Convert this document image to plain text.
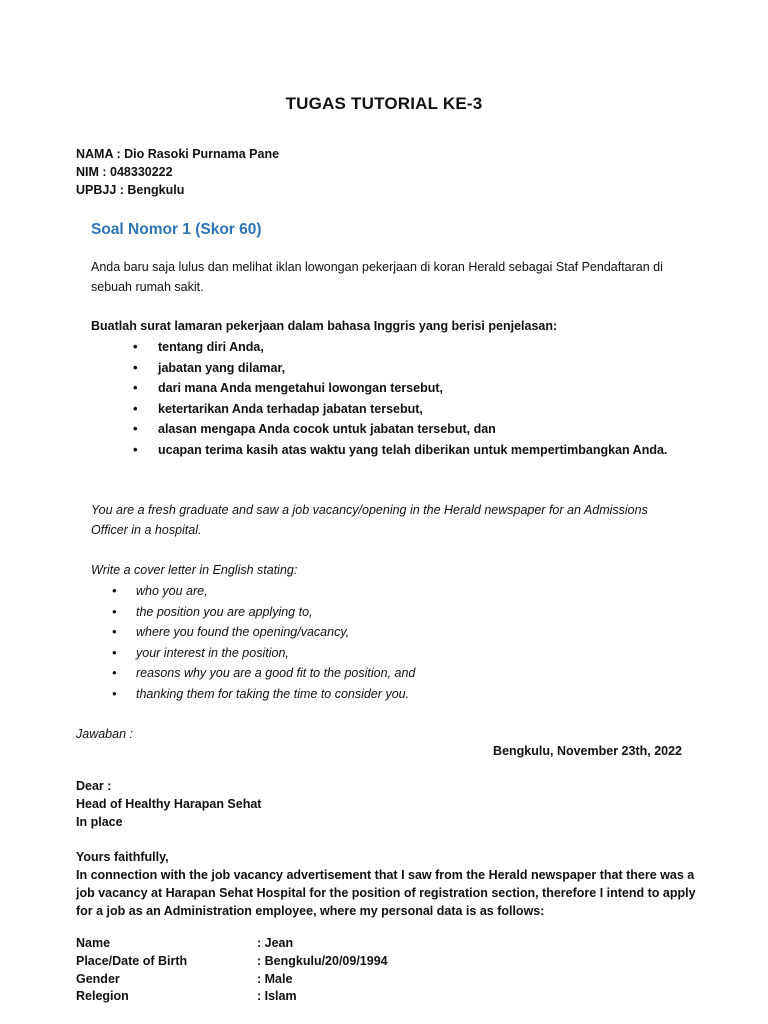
TUGAS TUTORIAL KE-3
NAMA : Dio Rasoki Purnama Pane
NIM : 048330222
UPBJJ : Bengkulu
Soal Nomor 1 (Skor 60)
Anda baru saja lulus dan melihat iklan lowongan pekerjaan di koran Herald sebagai Staf Pendaftaran di
sebuah rumah sakit.
Buatlah surat lamaran pekerjaan dalam bahasa Inggris yang berisi penjelasan:
• tentang diri Anda,
• jabatan yang dilamar,
• dari mana Anda mengetahui lowongan tersebut,
• ketertarikan Anda terhadap jabatan tersebut,
• alasan mengapa Anda cocok untuk jabatan tersebut, dan
• ucapan terima kasih atas waktu yang telah diberikan untuk mempertimbangkan Anda.
You are a fresh graduate and saw a job vacancy/opening in the Herald newspaper for an Admissions
Officer in a hospital.
Write a cover letter in English stating:
• who you are,
• the position you are applying to,
• where you found the opening/vacancy,
• your interest in the position,
• reasons why you are a good fit to the position, and
• thanking them for taking the time to consider you.
Jawaban :
Bengkulu, November 23th, 2022
Dear :
Head of Healthy Harapan Sehat
In place
Yours faithfully,
In connection with the job vacancy advertisement that I saw from the Herald newspaper that there was a
job vacancy at Harapan Sehat Hospital for the position of registration section, therefore I intend to apply
for a job as an Administration employee, where my personal data is as follows:
Name	: Jean
Place/Date of Birth	: Bengkulu/20/09/1994
Gender	: Male
Relegion	: Islam
